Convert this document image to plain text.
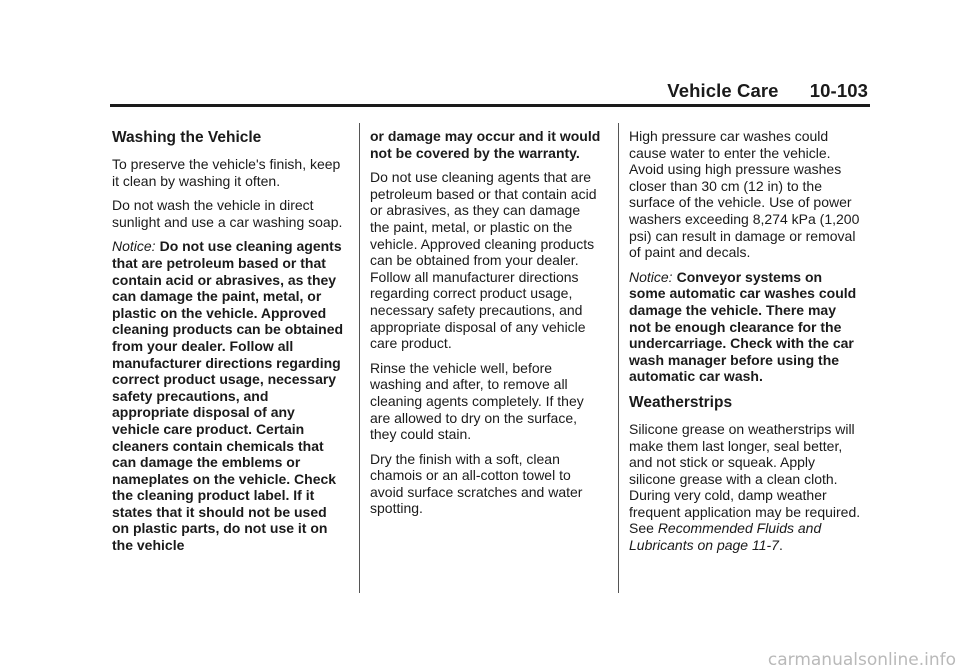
Vehicle Care 10-103
Washing the Vehicle

To preserve the vehicle's finish, keep it clean by washing it often.

Do not wash the vehicle in direct sunlight and use a car washing soap.

Notice: Do not use cleaning agents that are petroleum based or that contain acid or abrasives, as they can damage the paint, metal, or plastic on the vehicle. Approved cleaning products can be obtained from your dealer. Follow all manufacturer directions regarding correct product usage, necessary safety precautions, and appropriate disposal of any vehicle care product. Certain cleaners contain chemicals that can damage the emblems or nameplates on the vehicle. Check the cleaning product label. If it states that it should not be used on plastic parts, do not use it on the vehicle

or damage may occur and it would not be covered by the warranty.

Do not use cleaning agents that are petroleum based or that contain acid or abrasives, as they can damage the paint, metal, or plastic on the vehicle. Approved cleaning products can be obtained from your dealer. Follow all manufacturer directions regarding correct product usage, necessary safety precautions, and appropriate disposal of any vehicle care product.

Rinse the vehicle well, before washing and after, to remove all cleaning agents completely. If they are allowed to dry on the surface, they could stain.

Dry the finish with a soft, clean chamois or an all-cotton towel to avoid surface scratches and water spotting.

High pressure car washes could cause water to enter the vehicle. Avoid using high pressure washes closer than 30 cm (12 in) to the surface of the vehicle. Use of power washers exceeding 8,274 kPa (1,200 psi) can result in damage or removal of paint and decals.

Notice: Conveyor systems on some automatic car washes could damage the vehicle. There may not be enough clearance for the undercarriage. Check with the car wash manager before using the automatic car wash.

Weatherstrips

Silicone grease on weatherstrips will make them last longer, seal better, and not stick or squeak. Apply silicone grease with a clean cloth. During very cold, damp weather frequent application may be required. See Recommended Fluids and Lubricants on page 11-7.

carmanualsonline.info
